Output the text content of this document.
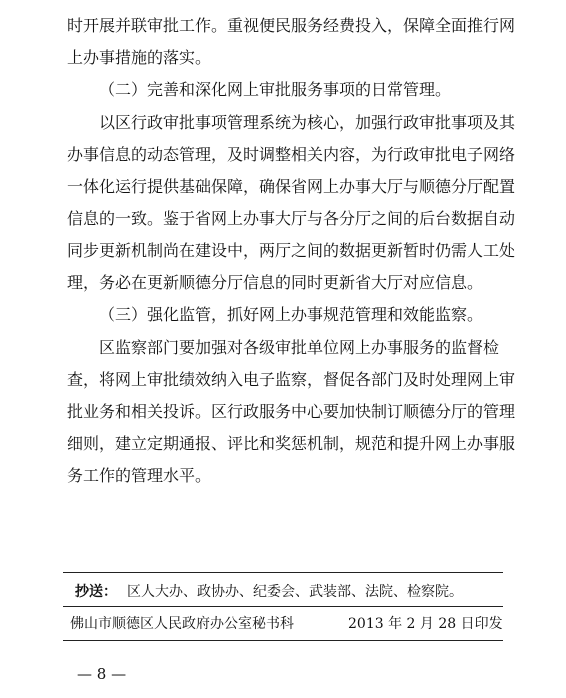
时开展并联审批工作。重视便民服务经费投入，保障全面推行网
上办事措施的落实。
（二）完善和深化网上审批服务事项的日常管理。
以区行政审批事项管理系统为核心，加强行政审批事项及其
办事信息的动态管理，及时调整相关内容，为行政审批电子网络
一体化运行提供基础保障，确保省网上办事大厅与顺德分厅配置
信息的一致。鉴于省网上办事大厅与各分厅之间的后台数据自动
同步更新机制尚在建设中，两厅之间的数据更新暂时仍需人工处
理，务必在更新顺德分厅信息的同时更新省大厅对应信息。
（三）强化监管，抓好网上办事规范管理和效能监察。
区监察部门要加强对各级审批单位网上办事服务的监督检
查，将网上审批绩效纳入电子监察，督促各部门及时处理网上审
批业务和相关投诉。区行政服务中心要加快制订顺德分厅的管理
细则，建立定期通报、评比和奖惩机制，规范和提升网上办事服
务工作的管理水平。
抄送： 区人大办、政协办、纪委会、武装部、法院、检察院。
佛山市顺德区人民政府办公室秘书科	2013 年 2 月 28 日印发
— 8 —
